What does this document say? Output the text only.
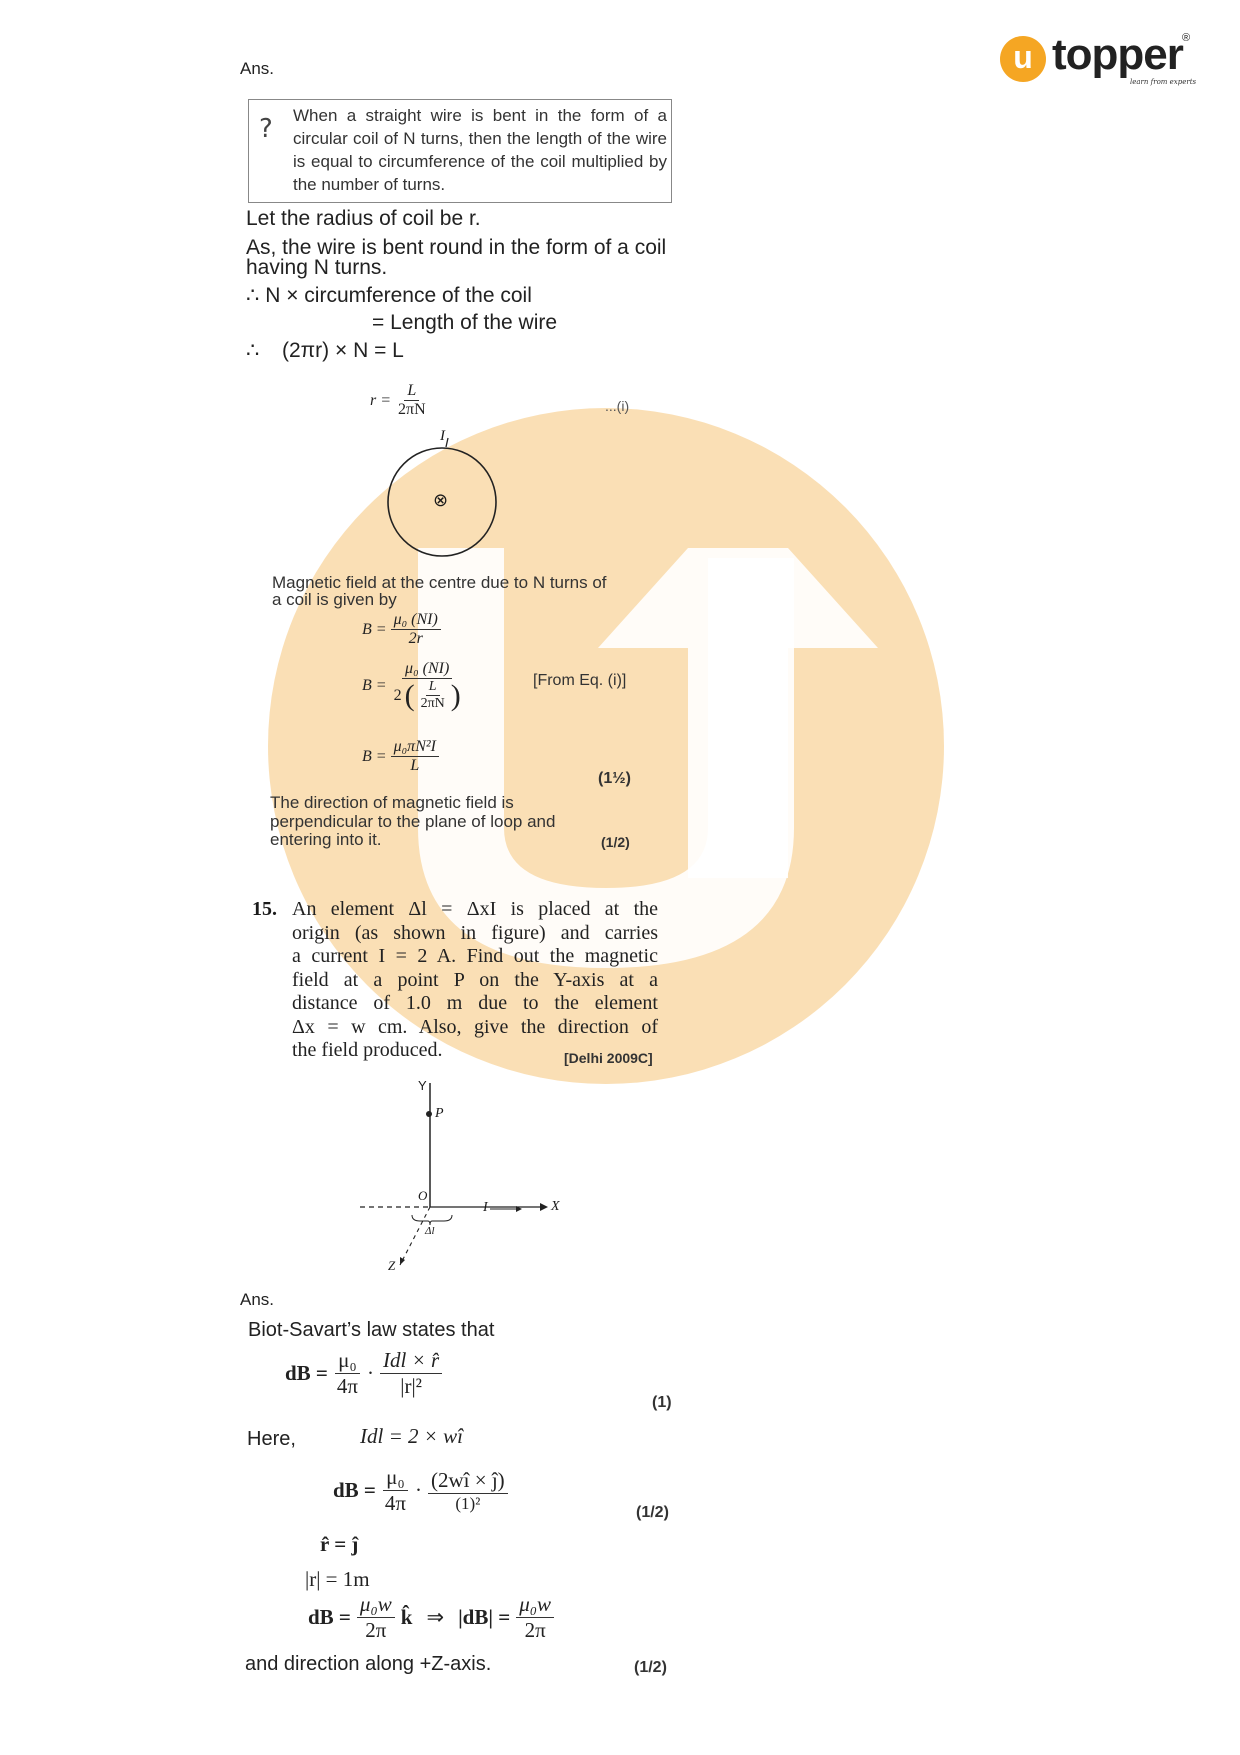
u topper ®
learn from experts
Ans.
? When a straight wire is bent in the form of a
circular coil of N turns, then the length of the wire
is equal to circumference of the coil multiplied by
the number of turns.
Let the radius of coil be r.
As, the wire is bent round in the form of a coil
having N turns.
∴ N × circumference of the coil
= Length of the wire
∴ (2πr) × N = L
$r = \frac{L}{2\pi N}$	...(i)
I
⊗
Magnetic field at the centre due to N turns of
a coil is given by
$B = \frac{\text{μ₀ (NI)}}{2r}$
$B = \frac{\text{μ₀ (NI)}}{2 ( \frac{L}{2\pi N} )}$	[From Eq. (i)]
$B = \frac{\text{μ₀πN²I}}{L}$
(1½)
The direction of magnetic field is
perpendicular to the plane of loop and
entering into it.	(1/2)
15. An element Δl = ΔxI is placed at the
origin (as shown in figure) and carries
a current I = 2 A. Find out the magnetic
field at a point P on the Y-axis at a
distance of 1.0 m due to the element
Δx = w cm. Also, give the direction of
the field produced.	[Delhi 2009C]
Y
P
O
X
Z
I
Δl
Ans.
Biot-Savart’s law states that
dB = $\frac{\text{μ₀}}{4\pi} \cdot \frac{\text{Idl × r̂}}{\text{|r|²}}$
(1)
Here,	Idl = 2 × wî
dB = $\frac{\text{μ₀}}{4\pi} \cdot \frac{(2wî \times ĵ)}{\text{(1)²}}$	(1/2)
r̂ = ĵ
|r| = 1m
dB = $\frac{\text{μ₀w}}{2\pi}$ k̂ ⇒ $|dB| = \frac{\text{μ₀w}}{2\pi}$
and direction along +Z-axis.	(1/2)
